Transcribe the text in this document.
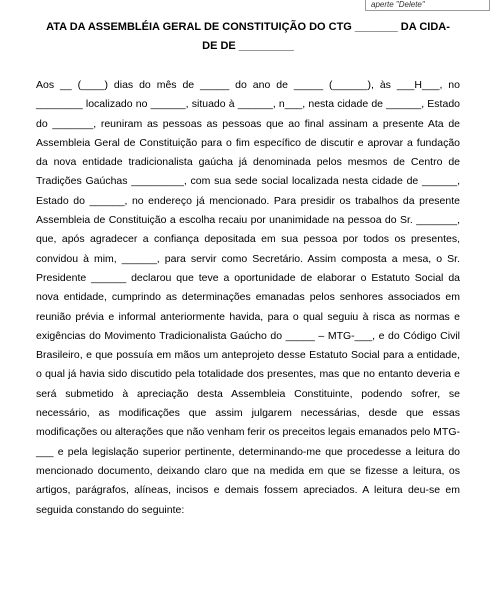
aperte "Delete"
ATA DA ASSEMBLÉIA GERAL DE CONSTITUIÇÃO DO CTG _______ DA CIDA-
DE DE _________

Aos __ (____) dias do mês de _____ do ano de _____ (______), às ___H___, no ________ localizado no ______, situado à ______, n___, nesta cidade de ______, Estado do _______, reuniram as pessoas as pessoas que ao final assinam a presente Ata de Assembleia Geral de Constituição para o fim específico de discutir e aprovar a fundação da nova entidade tradicionalista gaúcha já denominada pelos mesmos de Centro de Tradições Gaúchas _________, com sua sede social localizada nesta cidade de ______, Estado do ______, no endereço já mencionado. Para presidir os trabalhos da presente Assembleia de Constituição a escolha recaiu por unanimidade na pessoa do Sr. _______, que, após agradecer a confiança depositada em sua pessoa por todos os presentes, convidou à mim, ______, para servir como Secretário. Assim composta a mesa, o Sr. Presidente ______ declarou que teve a oportunidade de elaborar o Estatuto Social da nova entidade, cumprindo as determinações emanadas pelos senhores associados em reunião prévia e informal anteriormente havida, para o qual seguiu à risca as normas e exigências do Movimento Tradicionalista Gaúcho do _____ – MTG-___, e do Código Civil Brasileiro, e que possuía em mãos um anteprojeto desse Estatuto Social para a entidade, o qual já havia sido discutido pela totalidade dos presentes, mas que no entanto deveria e será submetido à apreciação desta Assembleia Constituinte, podendo sofrer, se necessário, as modificações que assim julgarem necessárias, desde que essas modificações ou alterações que não venham ferir os preceitos legais emanados pelo MTG-___ e pela legislação superior pertinente, determinando-me que procedesse a leitura do mencionado documento, deixando claro que na medida em que se fizesse a leitura, os artigos, parágrafos, alíneas, incisos e demais fossem apreciados. A leitura deu-se em seguida constando do seguinte:
